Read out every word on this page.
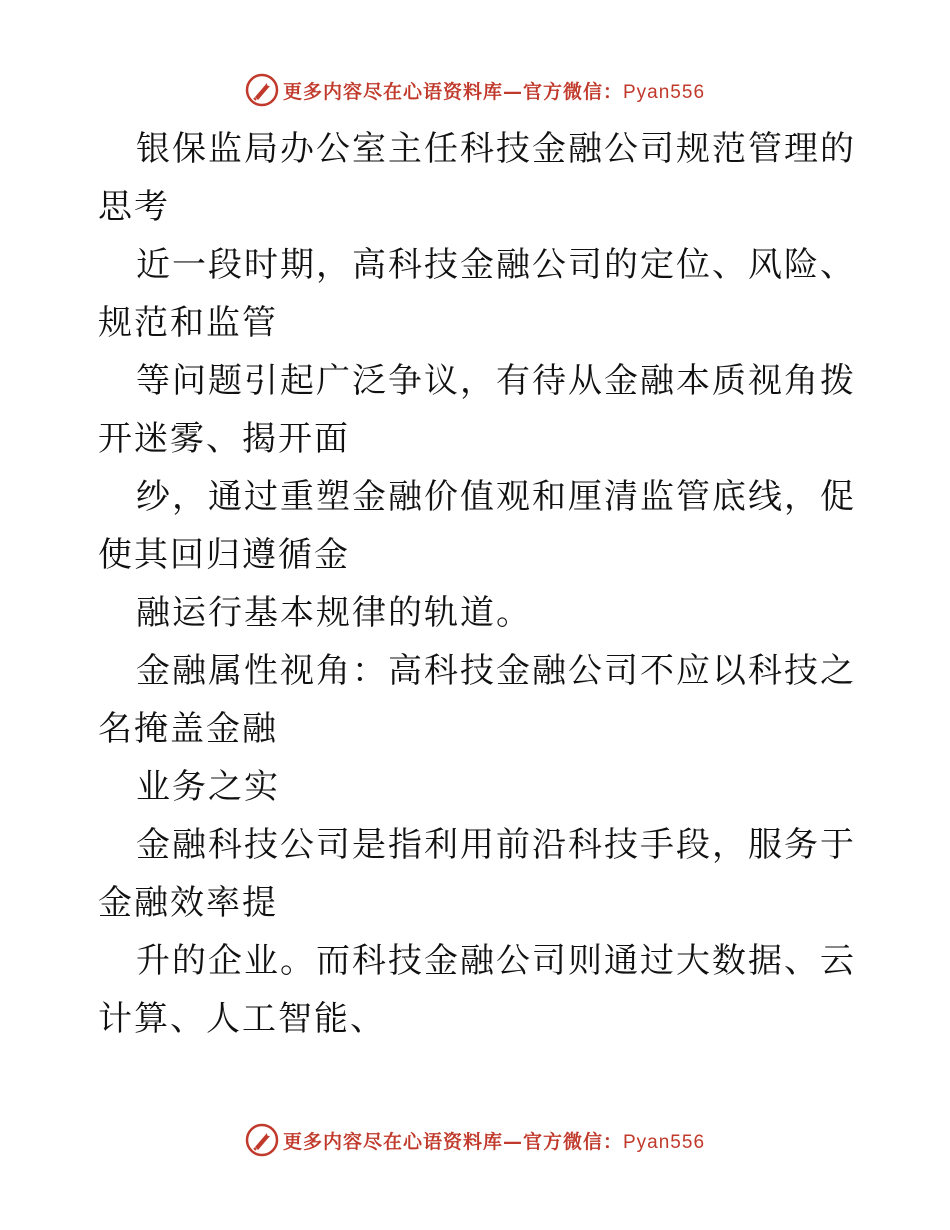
更多内容尽在心语资料库—官方微信：Pyan556

银保监局办公室主任科技金融公司规范管理的思考

近一段时期，高科技金融公司的定位、风险、规范和监管

等问题引起广泛争议，有待从金融本质视角拨开迷雾、揭开面

纱，通过重塑金融价值观和厘清监管底线，促使其回归遵循金

融运行基本规律的轨道。

金融属性视角：高科技金融公司不应以科技之名掩盖金融

业务之实

金融科技公司是指利用前沿科技手段，服务于金融效率提

升的企业。而科技金融公司则通过大数据、云计算、人工智能、

更多内容尽在心语资料库—官方微信：Pyan556
